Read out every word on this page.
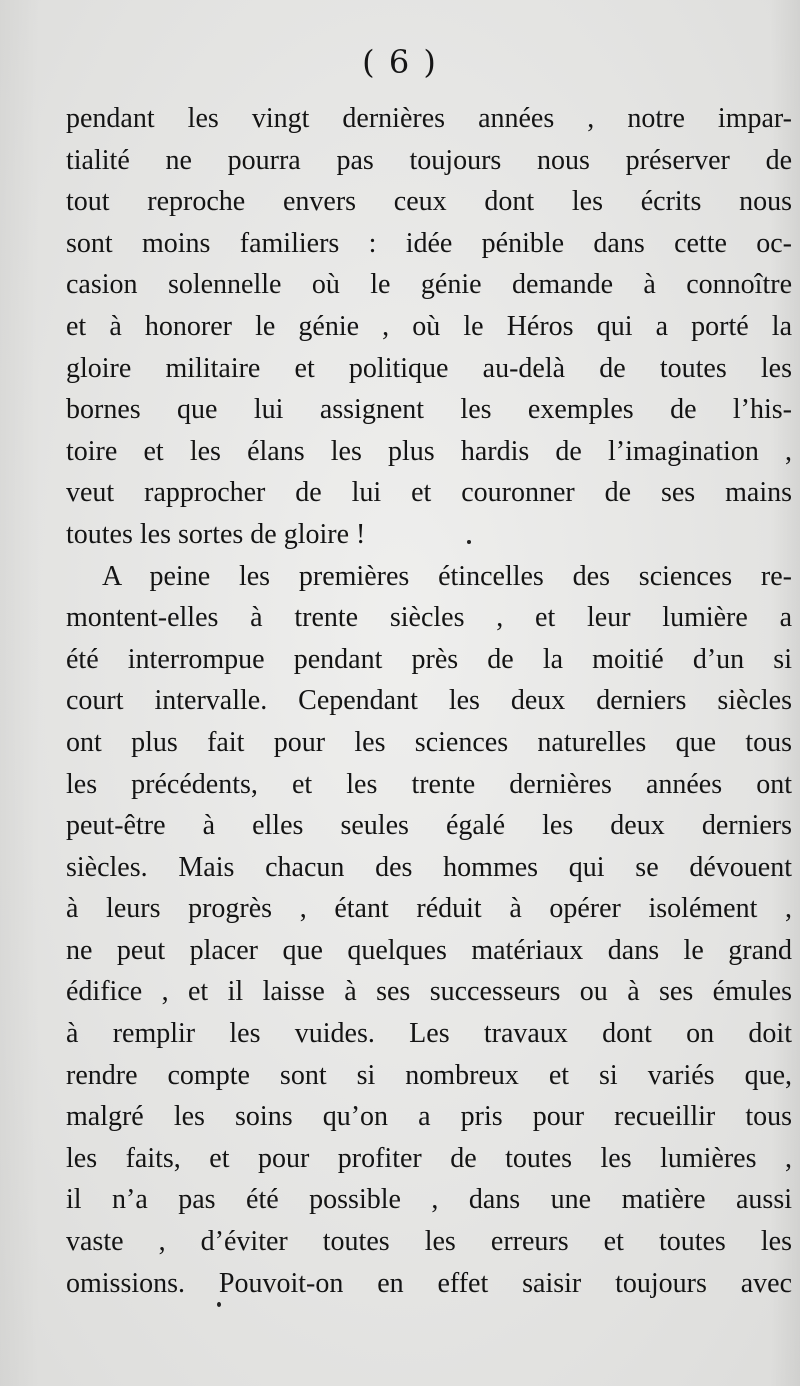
( 6 )
pendant les vingt dernières années , notre impar-
tialité ne pourra pas toujours nous préserver de
tout reproche envers ceux dont les écrits nous
sont moins familiers : idée pénible dans cette oc-
casion solennelle où le génie demande à connoître
et à honorer le génie , où le Héros qui a porté la
gloire militaire et politique au-delà de toutes les
bornes que lui assignent les exemples de l’his-
toire et les élans les plus hardis de l’imagination ,
veut rapprocher de lui et couronner de ses mains
toutes les sortes de gloire !
A peine les premières étincelles des sciences re-
montent-elles à trente siècles , et leur lumière a
été interrompue pendant près de la moitié d’un si
court intervalle. Cependant les deux derniers siècles
ont plus fait pour les sciences naturelles que tous
les précédents, et les trente dernières années ont
peut-être à elles seules égalé les deux derniers
siècles. Mais chacun des hommes qui se dévouent
à leurs progrès , étant réduit à opérer isolément ,
ne peut placer que quelques matériaux dans le grand
édifice , et il laisse à ses successeurs ou à ses émules
à remplir les vuides. Les travaux dont on doit
rendre compte sont si nombreux et si variés que,
malgré les soins qu’on a pris pour recueillir tous
les faits, et pour profiter de toutes les lumières ,
il n’a pas été possible , dans une matière aussi
vaste , d’éviter toutes les erreurs et toutes les
omissions. Pouvoit-on en effet saisir toujours avec
